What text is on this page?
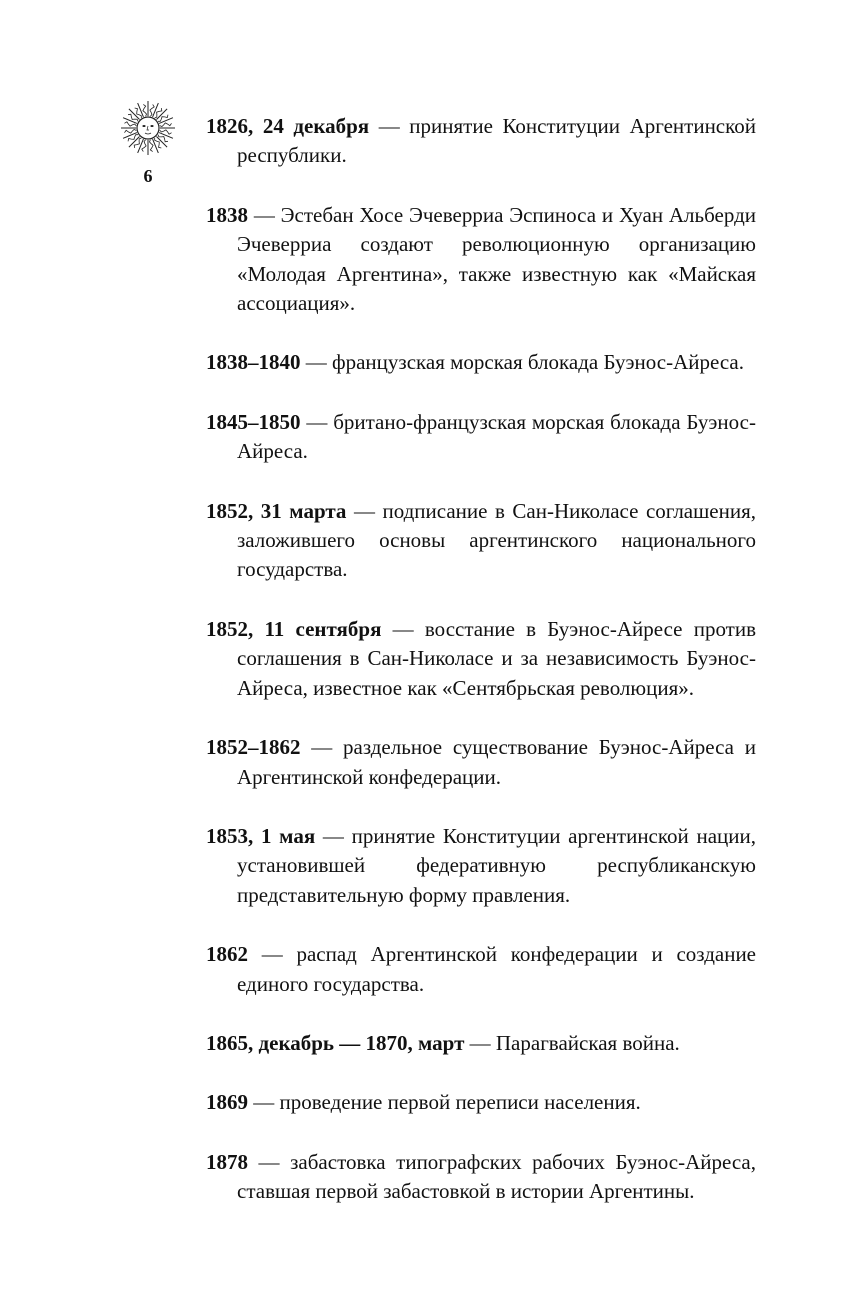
6

1826, 24 декабря — принятие Конституции Аргентинской республики.

1838 — Эстебан Хосе Эчеверриа Эспиноса и Хуан Альберди Эчеверриа создают революционную организацию «Молодая Аргентина», также известную как «Майская ассоциация».

1838–1840 — французская морская блокада Буэнос-Айреса.

1845–1850 — британо-французская морская блокада Буэнос-Айреса.

1852, 31 марта — подписание в Сан-Николасе соглашения, заложившего основы аргентинского национального государства.

1852, 11 сентября — восстание в Буэнос-Айресе против соглашения в Сан-Николасе и за независимость Буэнос-Айреса, известное как «Сентябрьская революция».

1852–1862 — раздельное существование Буэнос-Айреса и Аргентинской конфедерации.

1853, 1 мая — принятие Конституции аргентинской нации, установившей федеративную республиканскую представительную форму правления.

1862 — распад Аргентинской конфедерации и создание единого государства.

1865, декабрь — 1870, март — Парагвайская война.

1869 — проведение первой переписи населения.

1878 — забастовка типографских рабочих Буэнос-Айреса, ставшая первой забастовкой в истории Аргентины.
